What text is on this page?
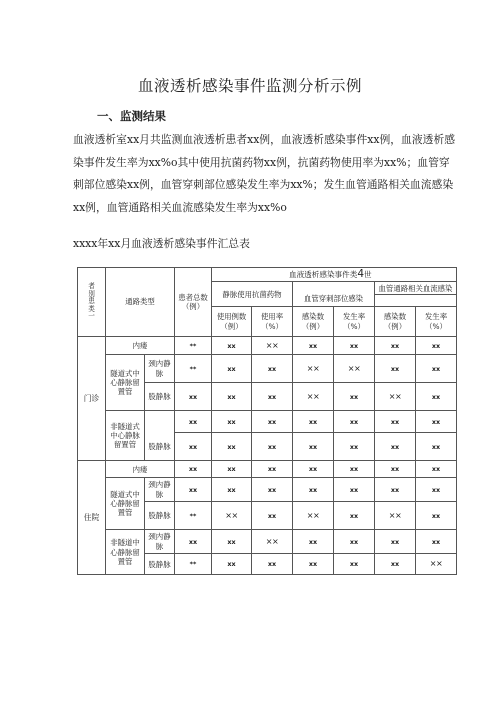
血液透析感染事件监测分析示例
一、监测结果
血液透析室xx月共监测血液透析患者xx例，血液透析感染事件xx例，血液透析感染事件发生率为xx%o其中使用抗菌药物xx例，抗菌药物使用率为xx%；血管穿刺部位感染xx例，血管穿刺部位感染发生率为xx%；发生血管通路相关血流感染xx例，血管通路相关血流感染发生率为xx%o
xxxx年xx月血液透析感染事件汇总表
者别患类一	通路类型		患者总数（例）	血液透析感染事件类4世					
				静脉使用抗菌药物		血管穿刺部位感染		血管通路相关血流感染	

				使用例数（例）	使用率（%）	感染数（例）	发生率（%）	感染数（例）	发生率（%）
门诊	内瘘		**	xx	××	xx	xx	xx	xx
	隧道式中心静脉留置管	颈内静脉	**	xx	xx	××	××	xx	xx
		股静脉	xx	xx	xx	××	xx	××	xx
	非隧道式中心静脉留置管		xx	xx	xx	xx	xx	xx	xx
		股静脉	xx	xx	xx	xx	xx	xx	xx
住院	内瘘		xx	xx	xx	xx	xx	xx	xx
	隧道式中心静脉留置管	颈内静脉	xx	xx	xx	xx	xx	xx	xx
		股静脉	**	××	xx	××	xx	××	xx
	非隧道中心静脉留置管	颈内静脉	xx	xx	××	xx	xx	xx	xx
		股静脉	**	xx	xx	xx	xx	xx	××
